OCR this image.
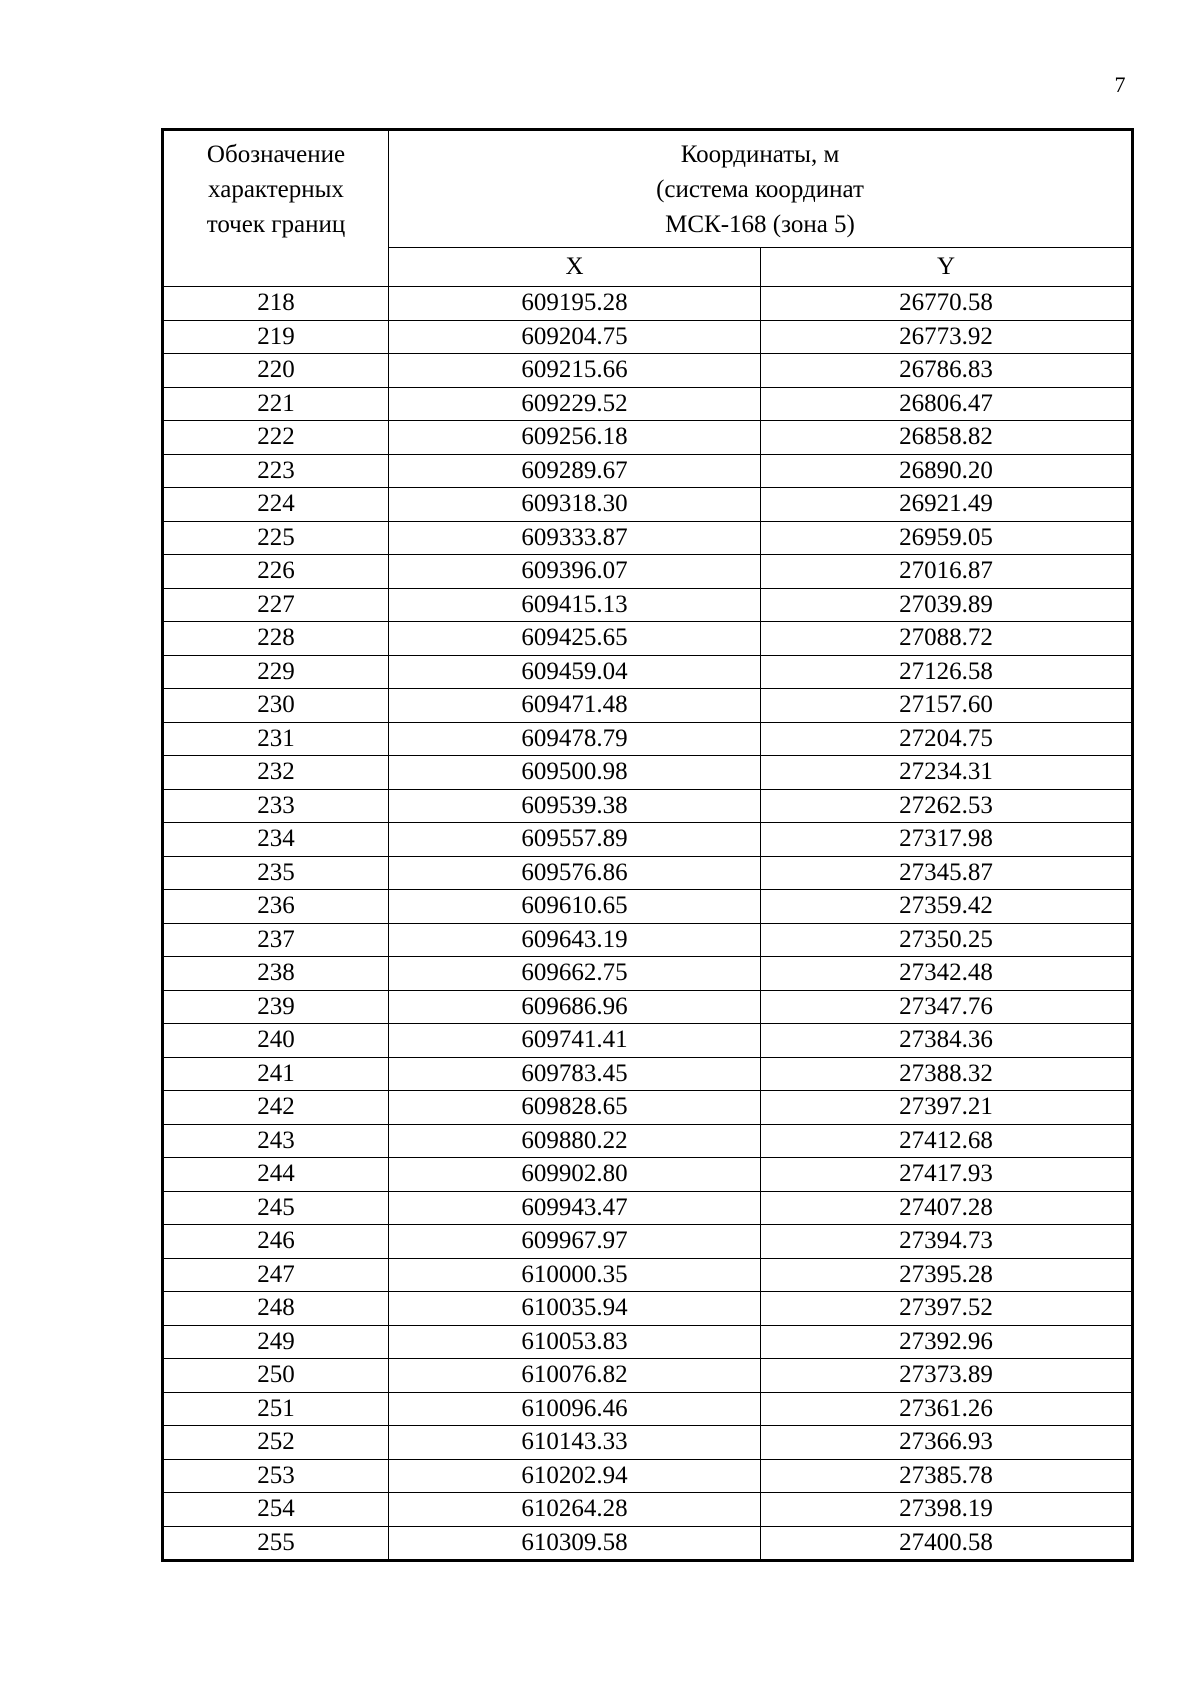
7
Обозначение
характерных
точек границ	Координаты, м
(система координат
МСК-168 (зона 5)	

	X	Y
218	609195.28	26770.58
219	609204.75	26773.92
220	609215.66	26786.83
221	609229.52	26806.47
222	609256.18	26858.82
223	609289.67	26890.20
224	609318.30	26921.49
225	609333.87	26959.05
226	609396.07	27016.87
227	609415.13	27039.89
228	609425.65	27088.72
229	609459.04	27126.58
230	609471.48	27157.60
231	609478.79	27204.75
232	609500.98	27234.31
233	609539.38	27262.53
234	609557.89	27317.98
235	609576.86	27345.87
236	609610.65	27359.42
237	609643.19	27350.25
238	609662.75	27342.48
239	609686.96	27347.76
240	609741.41	27384.36
241	609783.45	27388.32
242	609828.65	27397.21
243	609880.22	27412.68
244	609902.80	27417.93
245	609943.47	27407.28
246	609967.97	27394.73
247	610000.35	27395.28
248	610035.94	27397.52
249	610053.83	27392.96
250	610076.82	27373.89
251	610096.46	27361.26
252	610143.33	27366.93
253	610202.94	27385.78
254	610264.28	27398.19
255	610309.58	27400.58
